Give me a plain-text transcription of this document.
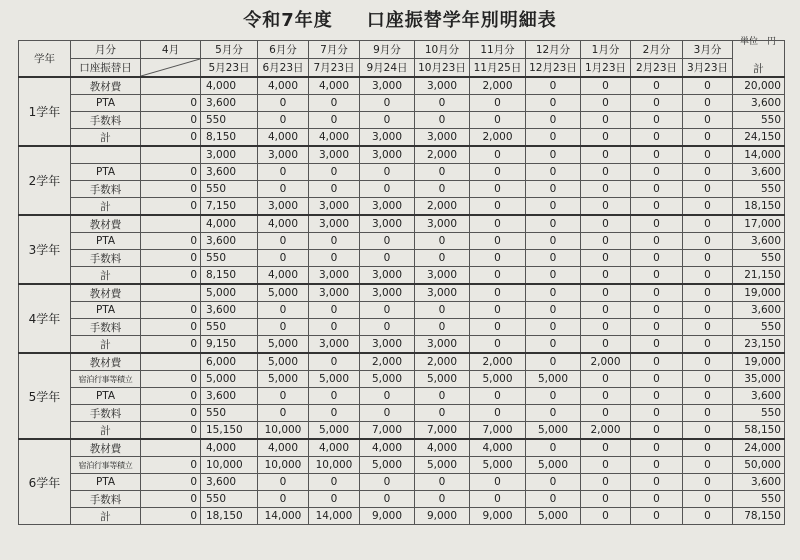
令和7年度 口座振替学年別明細表
単位　円
学年	月分	4月	5月分	6月分	7月分	9月分	10月分	11月分	12月分	1月分	2月分	3月分	計
	口座振替日		5月23日	6月23日	7月23日	9月24日	10月23日	11月25日	12月23日	1月23日	2月23日	3月23日	
1学年	教材費		4,000	4,000	4,000	3,000	3,000	2,000	0	0	0	0	20,000
	PTA	0	3,600	0	0	0	0	0	0	0	0	0	3,600
	手数料	0	550	0	0	0	0	0	0	0	0	0	550
	計	0	8,150	4,000	4,000	3,000	3,000	2,000	0	0	0	0	24,150
2学年			3,000	3,000	3,000	3,000	2,000	0	0	0	0	0	14,000
	PTA	0	3,600	0	0	0	0	0	0	0	0	0	3,600
	手数料	0	550	0	0	0	0	0	0	0	0	0	550
	計	0	7,150	3,000	3,000	3,000	2,000	0	0	0	0	0	18,150
3学年	教材費		4,000	4,000	3,000	3,000	3,000	0	0	0	0	0	17,000
	PTA	0	3,600	0	0	0	0	0	0	0	0	0	3,600
	手数料	0	550	0	0	0	0	0	0	0	0	0	550
	計	0	8,150	4,000	3,000	3,000	3,000	0	0	0	0	0	21,150
4学年	教材費		5,000	5,000	3,000	3,000	3,000	0	0	0	0	0	19,000
	PTA	0	3,600	0	0	0	0	0	0	0	0	0	3,600
	手数料	0	550	0	0	0	0	0	0	0	0	0	550
	計	0	9,150	5,000	3,000	3,000	3,000	0	0	0	0	0	23,150
5学年	教材費		6,000	5,000	0	2,000	2,000	2,000	0	2,000	0	0	19,000
	宿泊行事等積立	0	5,000	5,000	5,000	5,000	5,000	5,000	5,000	0	0	0	35,000
	PTA	0	3,600	0	0	0	0	0	0	0	0	0	3,600
	手数料	0	550	0	0	0	0	0	0	0	0	0	550
	計	0	15,150	10,000	5,000	7,000	7,000	7,000	5,000	2,000	0	0	58,150
6学年	教材費		4,000	4,000	4,000	4,000	4,000	4,000	0	0	0	0	24,000
	宿泊行事等積立	0	10,000	10,000	10,000	5,000	5,000	5,000	5,000	0	0	0	50,000
	PTA	0	3,600	0	0	0	0	0	0	0	0	0	3,600
	手数料	0	550	0	0	0	0	0	0	0	0	0	550
	計	0	18,150	14,000	14,000	9,000	9,000	9,000	5,000	0	0	0	78,150
